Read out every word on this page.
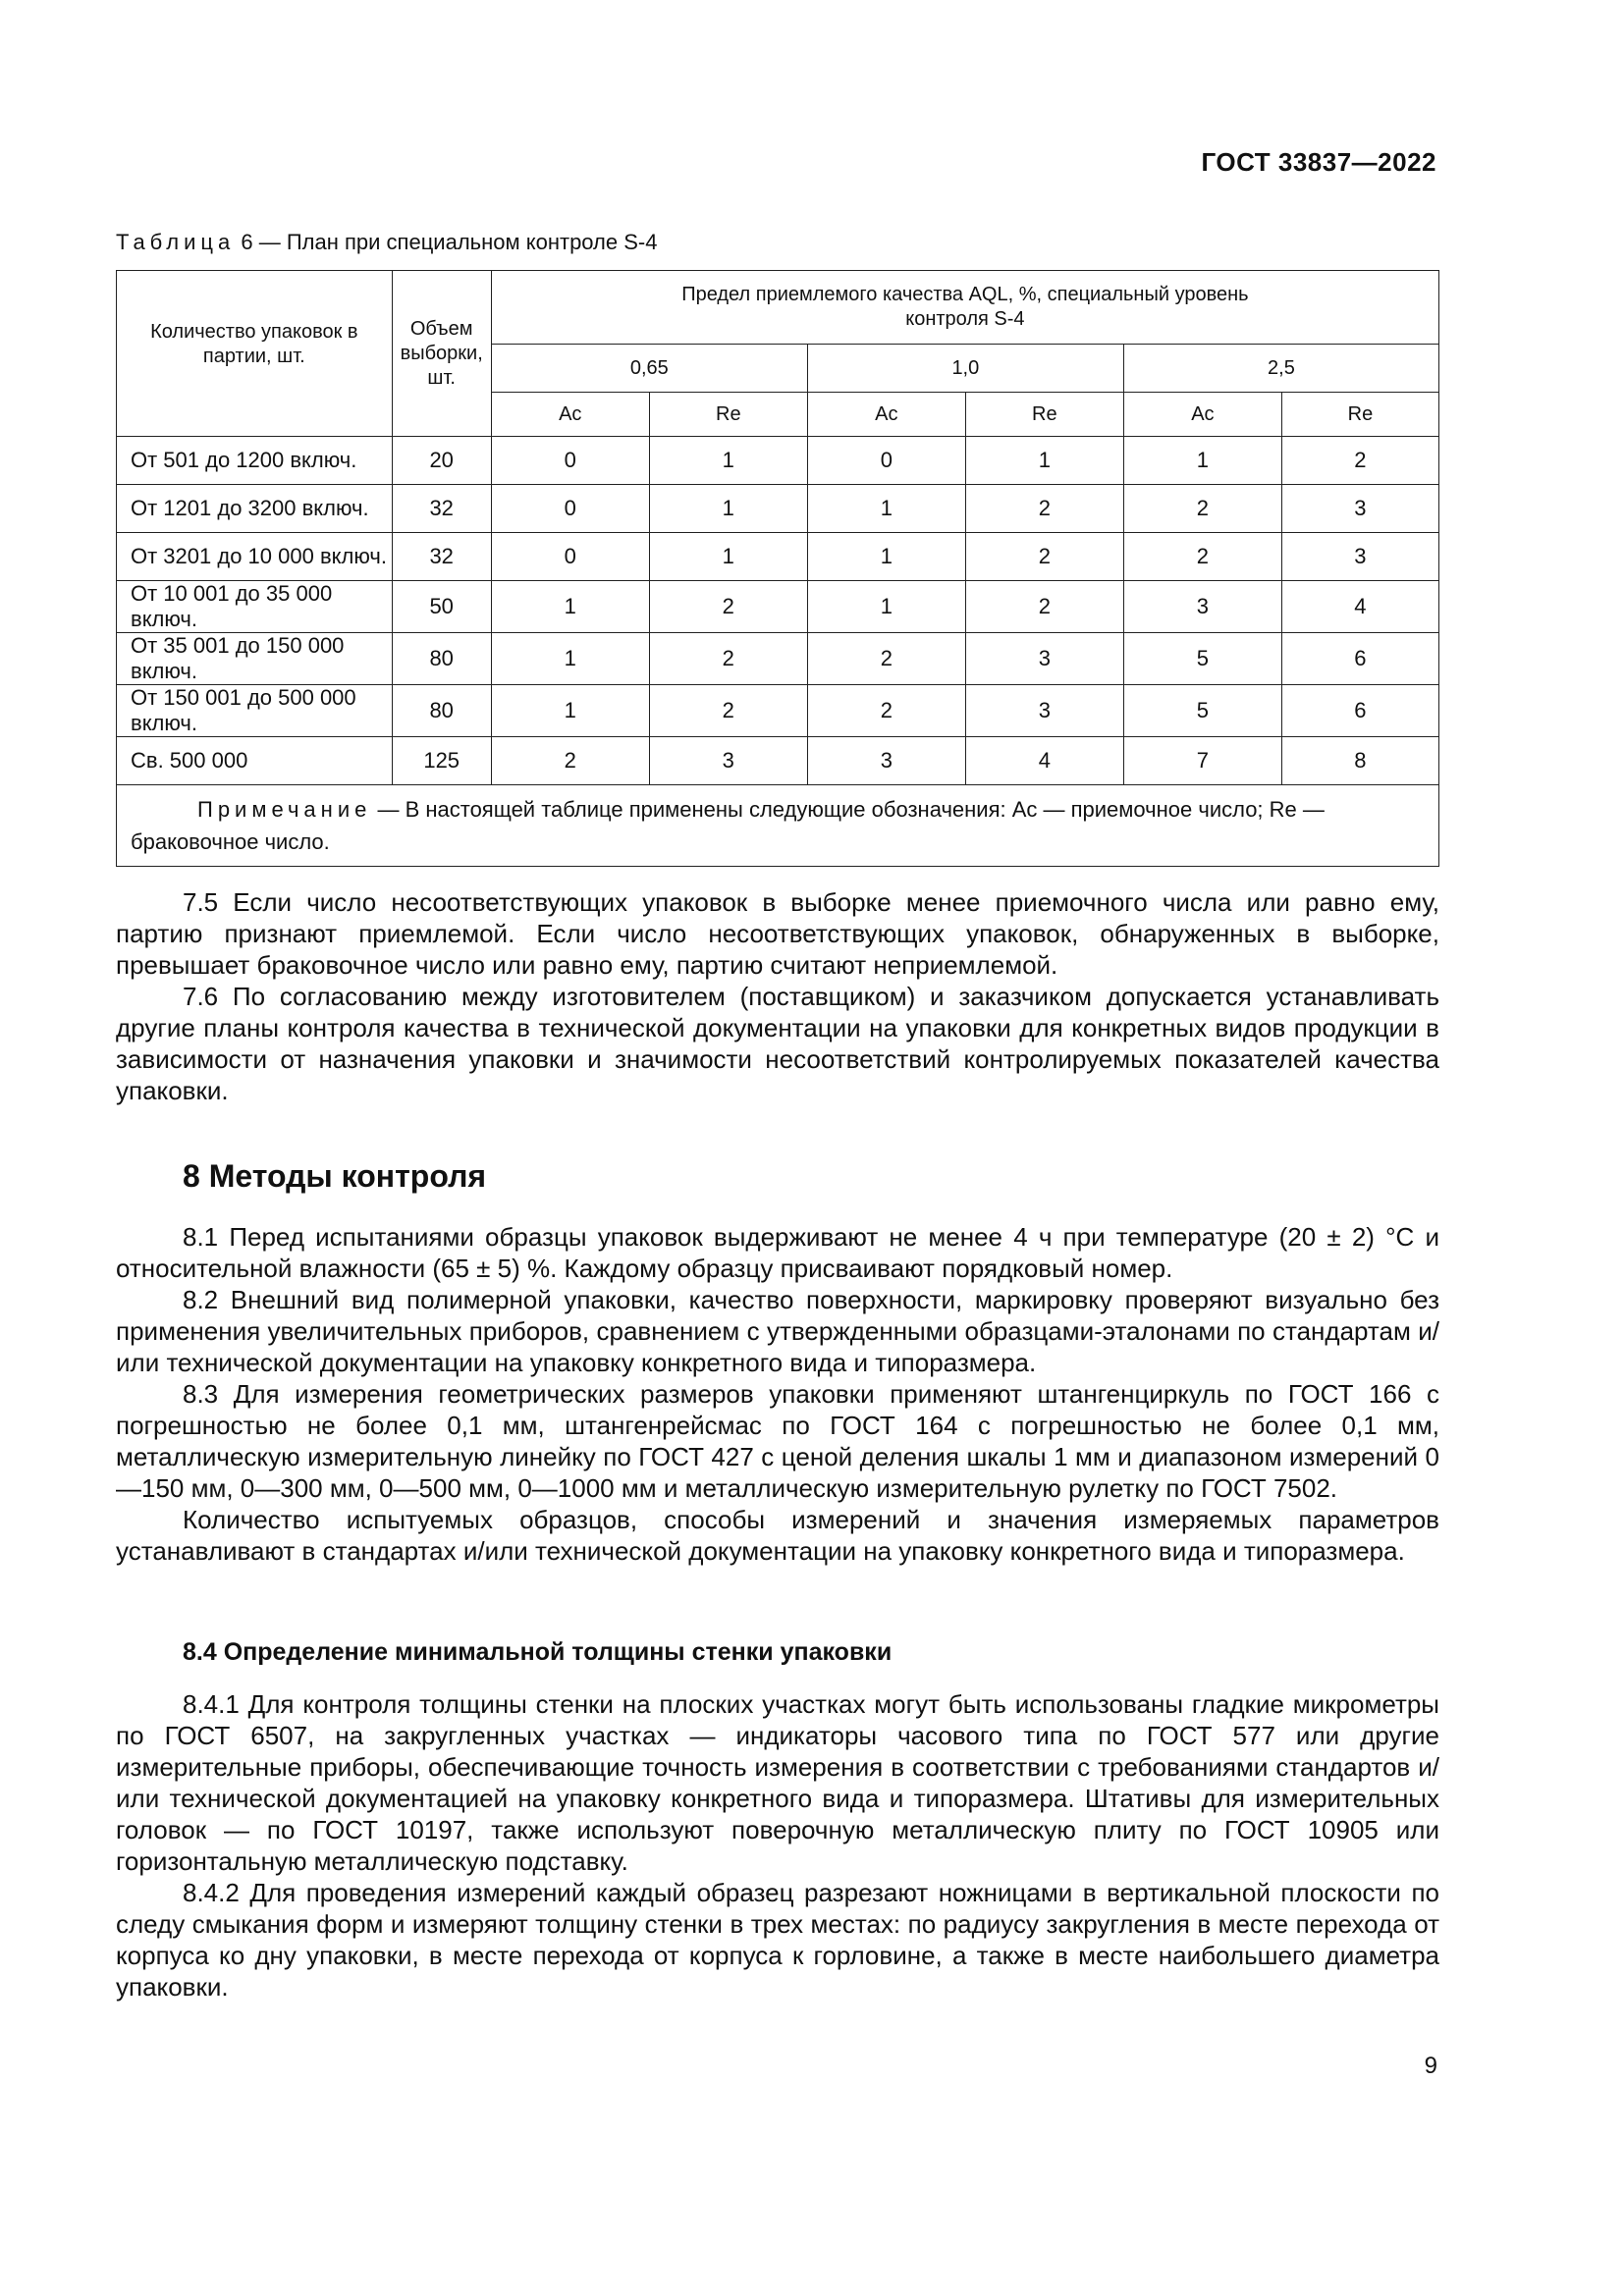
ГОСТ 33837—2022
Таблица 6 — План при специальном контроле S-4
Количество упаковок в партии, шт.	Объем выборки, шт.	Предел приемлемого качества AQL, %, специальный уровень контроля S-4					
		0,65		1,0		2,5	
		Ac	Re	Ac	Re	Ac	Re
От 501 до 1200 включ.	20	0	1	0	1	1	2
От 1201 до 3200 включ.	32	0	1	1	2	2	3
От 3201 до 10 000 включ.	32	0	1	1	2	2	3
От 10 001 до 35 000 включ.	50	1	2	1	2	3	4
От 35 001 до 150 000 включ.	80	1	2	2	3	5	6
От 150 001 до 500 000 включ.	80	1	2	2	3	5	6
Св. 500 000	125	2	3	3	4	7	8
Примечание — В настоящей таблице применены следующие обозначения: Ac — приемочное число; Re — браковочное число.							

7.5 Если число несоответствующих упаковок в выборке менее приемочного числа или равно ему, партию признают приемлемой. Если число несоответствующих упаковок, обнаруженных в выборке, превышает браковочное число или равно ему, партию считают неприемлемой.

7.6 По согласованию между изготовителем (поставщиком) и заказчиком допускается устанавливать другие планы контроля качества в технической документации на упаковки для конкретных видов продукции в зависимости от назначения упаковки и значимости несоответствий контролируемых показателей качества упаковки.

8 Методы контроля

8.1 Перед испытаниями образцы упаковок выдерживают не менее 4 ч при температуре (20 ± 2) °С и относительной влажности (65 ± 5) %. Каждому образцу присваивают порядковый номер.

8.2 Внешний вид полимерной упаковки, качество поверхности, маркировку проверяют визуально без применения увеличительных приборов, сравнением с утвержденными образцами-эталонами по стандартам и/или технической документации на упаковку конкретного вида и типоразмера.

8.3 Для измерения геометрических размеров упаковки применяют штангенциркуль по ГОСТ 166 с погрешностью не более 0,1 мм, штангенрейсмас по ГОСТ 164 с погрешностью не более 0,1 мм, металлическую измерительную линейку по ГОСТ 427 с ценой деления шкалы 1 мм и диапазоном измерений 0—150 мм, 0—300 мм, 0—500 мм, 0—1000 мм и металлическую измерительную рулетку по ГОСТ 7502.

Количество испытуемых образцов, способы измерений и значения измеряемых параметров устанавливают в стандартах и/или технической документации на упаковку конкретного вида и типоразмера.

8.4 Определение минимальной толщины стенки упаковки

8.4.1 Для контроля толщины стенки на плоских участках могут быть использованы гладкие микрометры по ГОСТ 6507, на закругленных участках — индикаторы часового типа по ГОСТ 577 или другие измерительные приборы, обеспечивающие точность измерения в соответствии с требованиями стандартов и/или технической документацией на упаковку конкретного вида и типоразмера. Штативы для измерительных головок — по ГОСТ 10197, также используют поверочную металлическую плиту по ГОСТ 10905 или горизонтальную металлическую подставку.

8.4.2 Для проведения измерений каждый образец разрезают ножницами в вертикальной плоскости по следу смыкания форм и измеряют толщину стенки в трех местах: по радиусу закругления в месте перехода от корпуса ко дну упаковки, в месте перехода от корпуса к горловине, а также в месте наибольшего диаметра упаковки.

9
